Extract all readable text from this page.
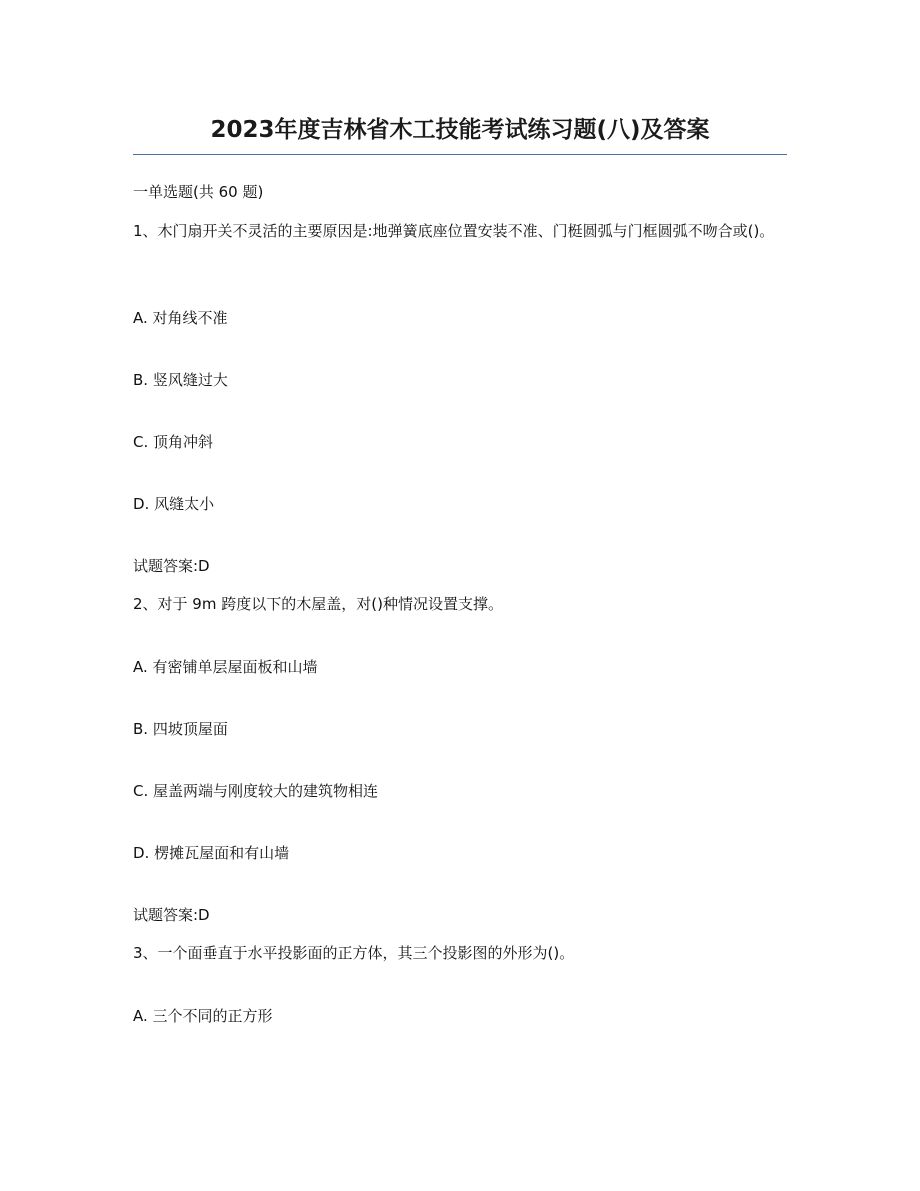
2023年度吉林省木工技能考试练习题(八)及答案
一单选题(共 60 题)
1、木门扇开关不灵活的主要原因是:地弹簧底座位置安装不准、门梃圆弧与门框圆弧不吻合或()。
A. 对角线不准
B. 竖风缝过大
C. 顶角冲斜
D. 风缝太小
试题答案:D
2、对于 9m 跨度以下的木屋盖，对()种情况设置支撑。
A. 有密铺单层屋面板和山墙
B. 四坡顶屋面
C. 屋盖两端与刚度较大的建筑物相连
D. 楞摊瓦屋面和有山墙
试题答案:D
3、一个面垂直于水平投影面的正方体，其三个投影图的外形为()。
A. 三个不同的正方形
